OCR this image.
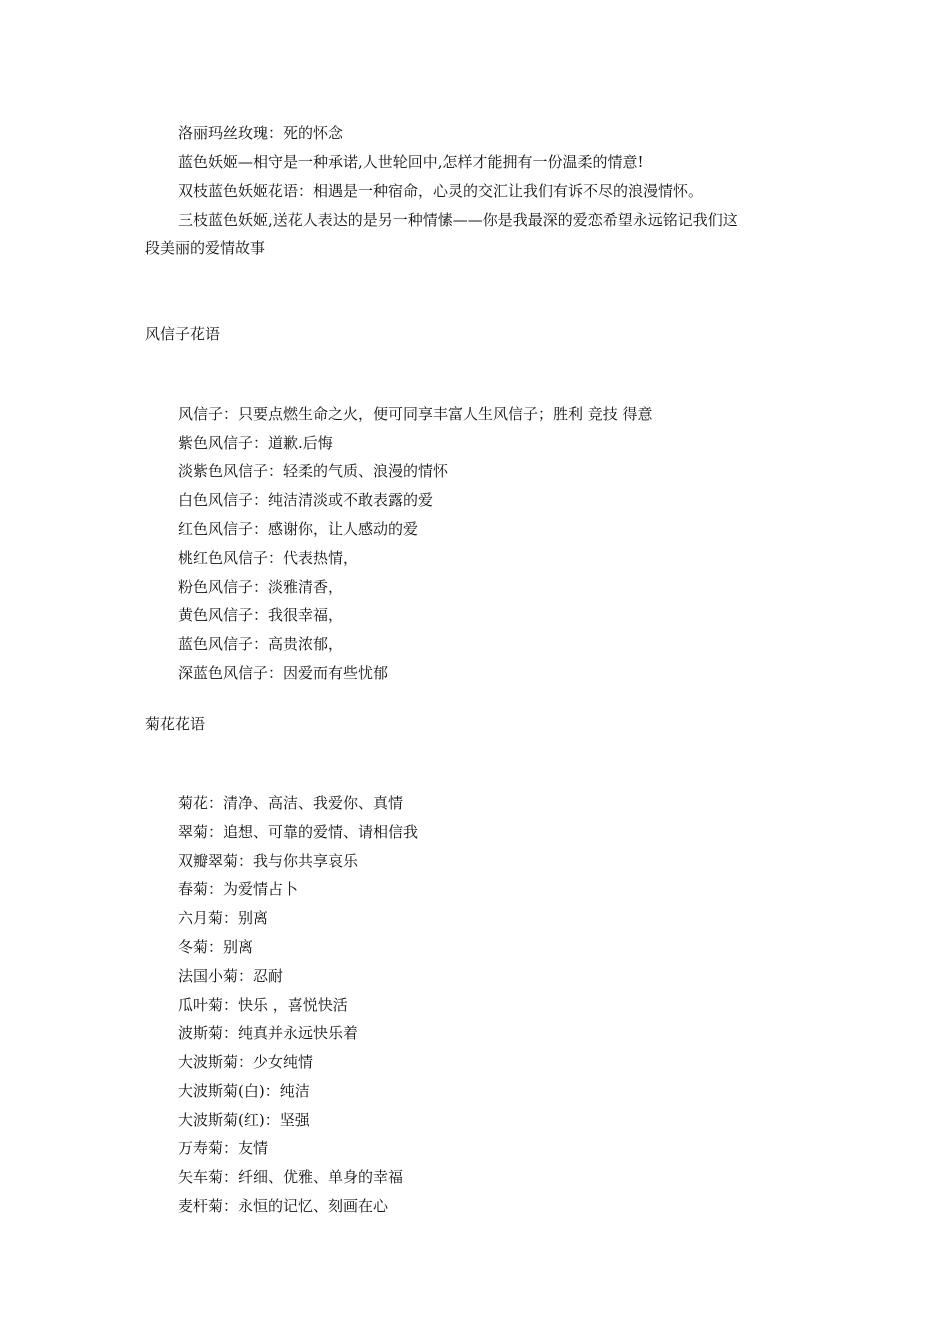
洛丽玛丝玫瑰：死的怀念
蓝色妖姬—相守是一种承诺,人世轮回中,怎样才能拥有一份温柔的情意!
双枝蓝色妖姬花语：相遇是一种宿命，心灵的交汇让我们有诉不尽的浪漫情怀。
三枝蓝色妖姬,送花人表达的是另一种情愫——你是我最深的爱恋希望永远铭记我们这
段美丽的爱情故事
风信子花语
风信子：只要点燃生命之火，便可同享丰富人生风信子；胜利 竞技 得意
紫色风信子：道歉.后悔
淡紫色风信子：轻柔的气质、浪漫的情怀
白色风信子：纯洁清淡或不敢表露的爱
红色风信子：感谢你，让人感动的爱
桃红色风信子：代表热情，
粉色风信子：淡雅清香，
黄色风信子：我很幸福，
蓝色风信子：高贵浓郁，
深蓝色风信子：因爱而有些忧郁
菊花花语
菊花：清净、高洁、我爱你、真情
翠菊：追想、可靠的爱情、请相信我
双瓣翠菊：我与你共享哀乐
春菊：为爱情占卜
六月菊：别离
冬菊：别离
法国小菊：忍耐
瓜叶菊：快乐 ，喜悦快活
波斯菊：纯真并永远快乐着
大波斯菊：少女纯情
大波斯菊(白)：纯洁
大波斯菊(红)：坚强
万寿菊：友情
矢车菊：纤细、优雅、单身的幸福
麦杆菊：永恒的记忆、刻画在心
